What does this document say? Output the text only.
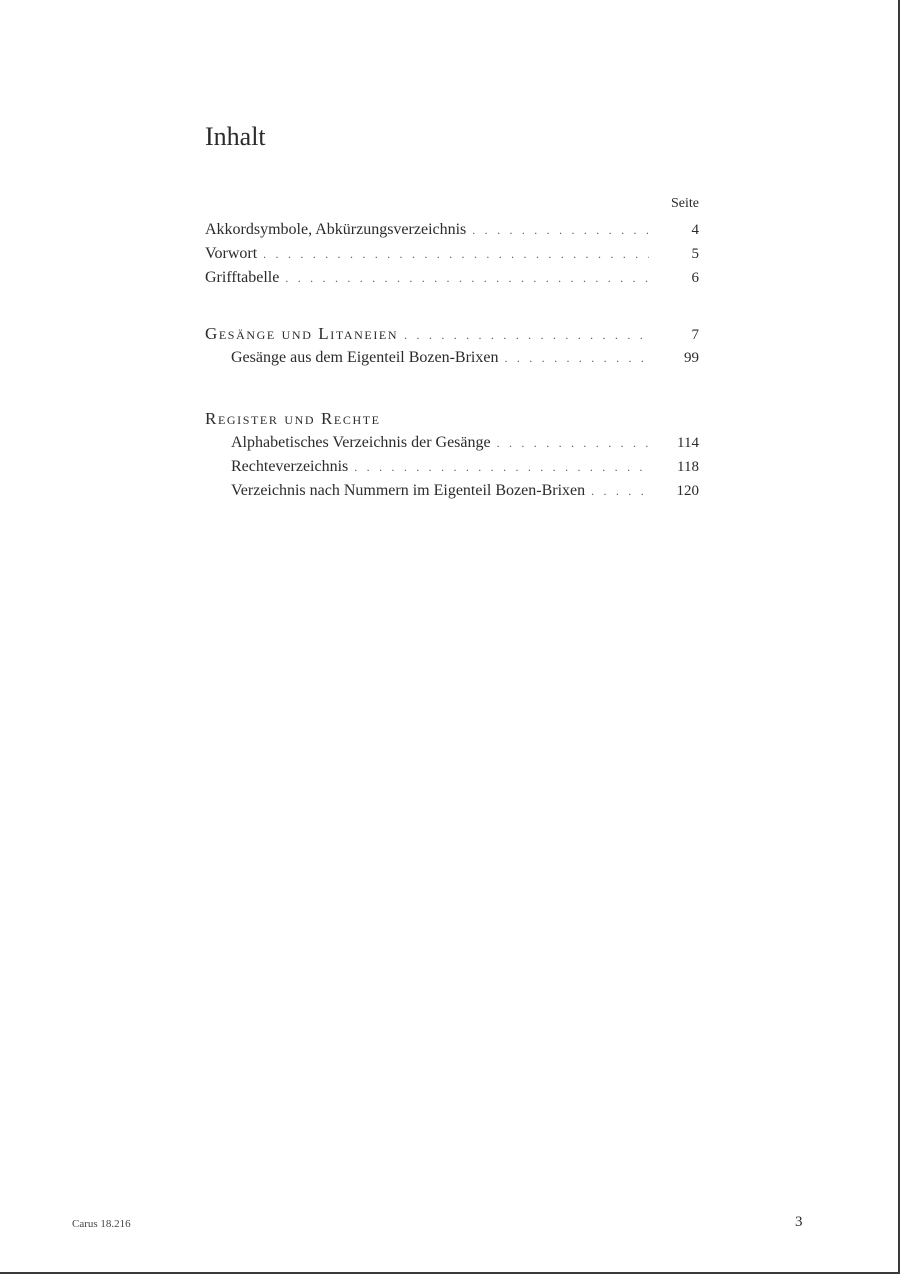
Inhalt
Seite
Akkordsymbole, Abkürzungsverzeichnis . . .	4
Vorwort . . .	5
Grifftabelle . . .	6
Gesänge und Litaneien . . .	7
Gesänge aus dem Eigenteil Bozen-Brixen . . .	99
Register und Rechte
Alphabetisches Verzeichnis der Gesänge . . .	114
Rechteverzeichnis . . .	118
Verzeichnis nach Nummern im Eigenteil Bozen-Brixen . . .	120
Carus 18.216	3
